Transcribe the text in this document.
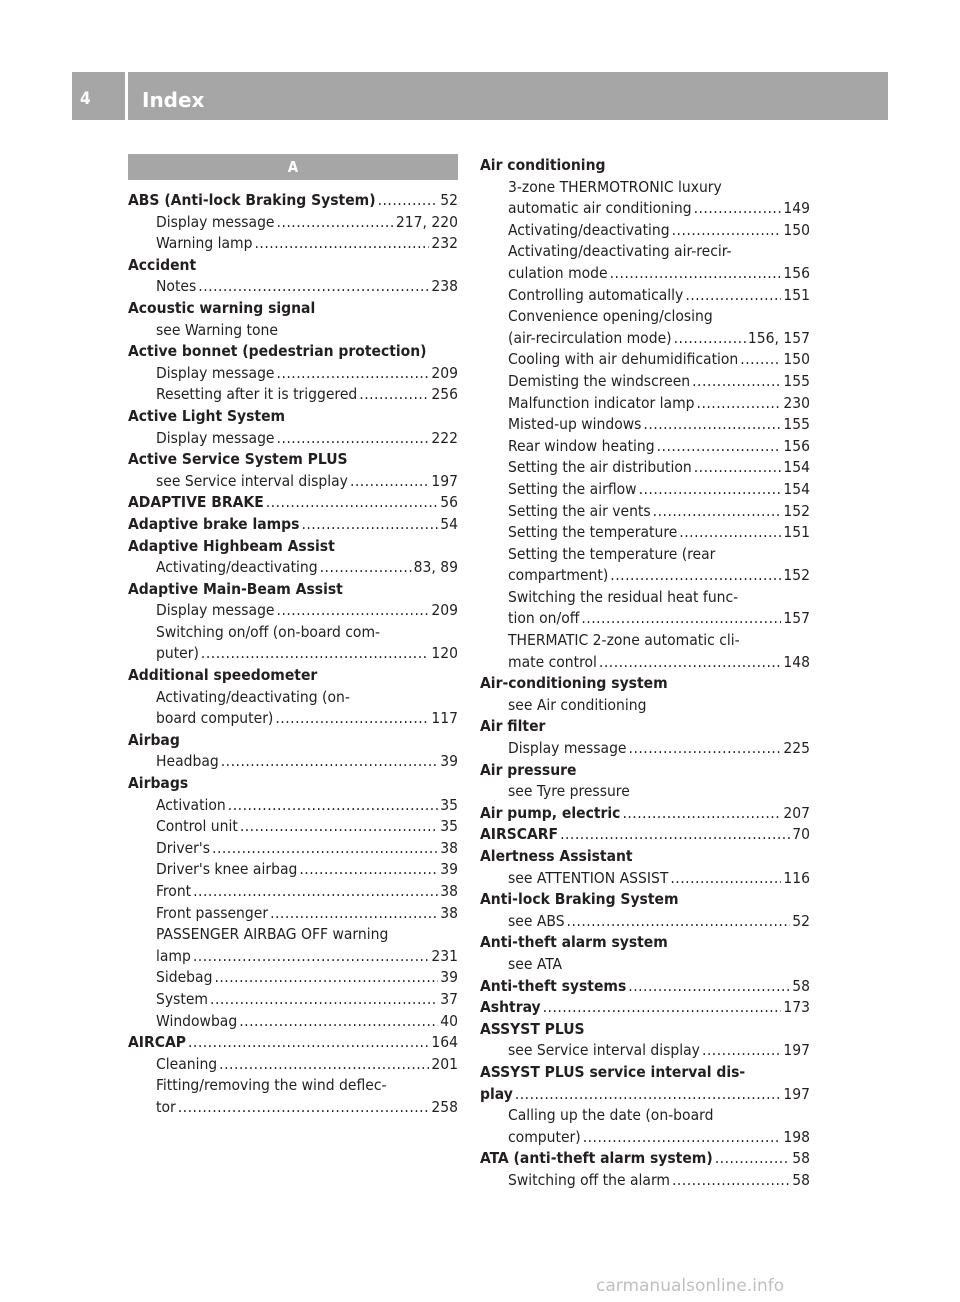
4	Index
A
ABS (Anti-lock Braking System) .....	52
Display message .....	217, 220
Warning lamp .....	232
Accident
Notes .....	238
Acoustic warning signal
see Warning tone
Active bonnet (pedestrian protection)
Display message .....	209
Resetting after it is triggered .....	256
Active Light System
Display message .....	222
Active Service System PLUS
see Service interval display .....	197
ADAPTIVE BRAKE .....	56
Adaptive brake lamps .....	54
Adaptive Highbeam Assist
Activating/deactivating .....	83, 89
Adaptive Main-Beam Assist
Display message .....	209
Switching on/off (on-board com-
puter) .....	120
Additional speedometer
Activating/deactivating (on-
board computer) .....	117
Airbag
Headbag .....	39
Airbags
Activation .....	35
Control unit .....	35
Driver's .....	38
Driver's knee airbag .....	39
Front .....	38
Front passenger .....	38
PASSENGER AIRBAG OFF warning
lamp .....	231
Sidebag .....	39
System .....	37
Windowbag .....	40
AIRCAP .....	164
Cleaning .....	201
Fitting/removing the wind deflec-
tor .....	258
Air conditioning
3-zone THERMOTRONIC luxury
automatic air conditioning .....	149
Activating/deactivating .....	150
Activating/deactivating air-recir-
culation mode .....	156
Controlling automatically .....	151
Convenience opening/closing
(air-recirculation mode) .....	156, 157
Cooling with air dehumidification .....	150
Demisting the windscreen .....	155
Malfunction indicator lamp .....	230
Misted-up windows .....	155
Rear window heating .....	156
Setting the air distribution .....	154
Setting the airflow .....	154
Setting the air vents .....	152
Setting the temperature .....	151
Setting the temperature (rear
compartment) .....	152
Switching the residual heat func-
tion on/off .....	157
THERMATIC 2-zone automatic cli-
mate control .....	148
Air-conditioning system
see Air conditioning
Air filter
Display message .....	225
Air pressure
see Tyre pressure
Air pump, electric .....	207
AIRSCARF .....	70
Alertness Assistant
see ATTENTION ASSIST .....	116
Anti-lock Braking System
see ABS .....	52
Anti-theft alarm system
see ATA
Anti-theft systems .....	58
Ashtray .....	173
ASSYST PLUS
see Service interval display .....	197
ASSYST PLUS service interval dis-
play .....	197
Calling up the date (on-board
computer) .....	198
ATA (anti-theft alarm system) .....	58
Switching off the alarm .....	58
carmanualsonline.info
